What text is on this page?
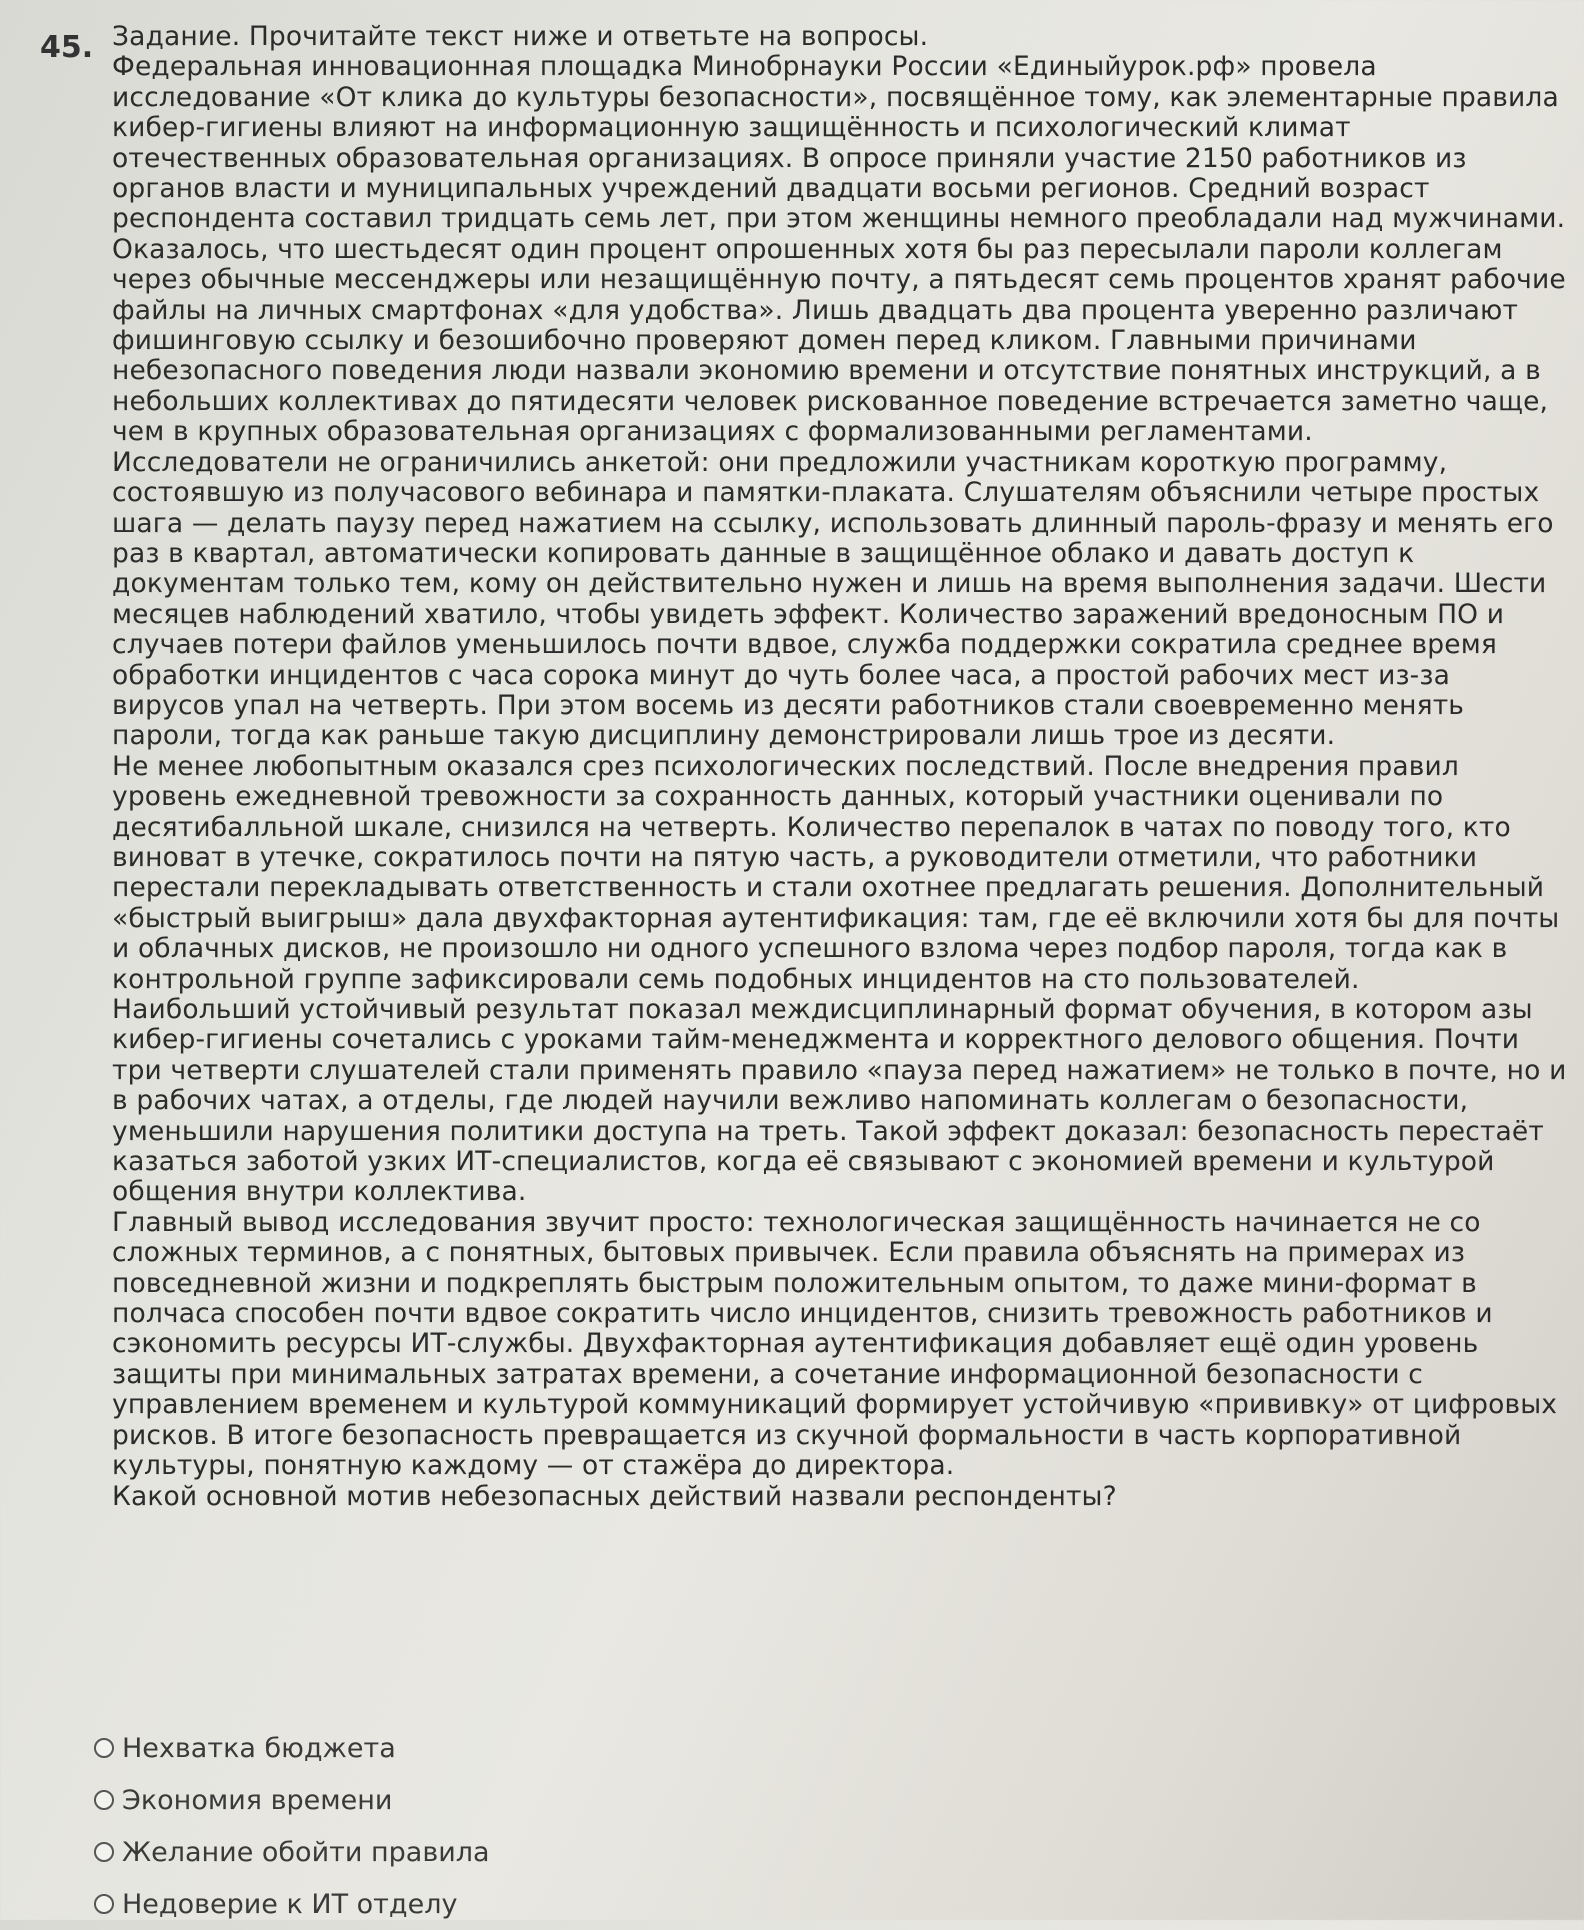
45. Задание. Прочитайте текст ниже и ответьте на вопросы.

Федеральная инновационная площадка Минобрнауки России «Единыйурок.рф» провела исследование «От клика до культуры безопасности», посвящённое тому, как элементарные правила кибер-гигиены влияют на информационную защищённость и психологический климат отечественных образовательная организациях. В опросе приняли участие 2150 работников из органов власти и муниципальных учреждений двадцати восьми регионов. Средний возраст респондента составил тридцать семь лет, при этом женщины немного преобладали над мужчинами. Оказалось, что шестьдесят один процент опрошенных хотя бы раз пересылали пароли коллегам через обычные мессенджеры или незащищённую почту, а пятьдесят семь процентов хранят рабочие файлы на личных смартфонах «для удобства». Лишь двадцать два процента уверенно различают фишинговую ссылку и безошибочно проверяют домен перед кликом. Главными причинами небезопасного поведения люди назвали экономию времени и отсутствие понятных инструкций, а в небольших коллективах до пятидесяти человек рискованное поведение встречается заметно чаще, чем в крупных образовательная организациях с формализованными регламентами.

Исследователи не ограничились анкетой: они предложили участникам короткую программу, состоявшую из получасового вебинара и памятки-плаката. Слушателям объяснили четыре простых шага — делать паузу перед нажатием на ссылку, использовать длинный пароль-фразу и менять его раз в квартал, автоматически копировать данные в защищённое облако и давать доступ к документам только тем, кому он действительно нужен и лишь на время выполнения задачи. Шести месяцев наблюдений хватило, чтобы увидеть эффект. Количество заражений вредоносным ПО и случаев потери файлов уменьшилось почти вдвое, служба поддержки сократила среднее время обработки инцидентов с часа сорока минут до чуть более часа, а простой рабочих мест из-за вирусов упал на четверть. При этом восемь из десяти работников стали своевременно менять пароли, тогда как раньше такую дисциплину демонстрировали лишь трое из десяти.

Не менее любопытным оказался срез психологических последствий. После внедрения правил уровень ежедневной тревожности за сохранность данных, который участники оценивали по десятибалльной шкале, снизился на четверть. Количество перепалок в чатах по поводу того, кто виноват в утечке, сократилось почти на пятую часть, а руководители отметили, что работники перестали перекладывать ответственность и стали охотнее предлагать решения. Дополнительный «быстрый выигрыш» дала двухфакторная аутентификация: там, где её включили хотя бы для почты и облачных дисков, не произошло ни одного успешного взлома через подбор пароля, тогда как в контрольной группе зафиксировали семь подобных инцидентов на сто пользователей.

Наибольший устойчивый результат показал междисциплинарный формат обучения, в котором азы кибер-гигиены сочетались с уроками тайм-менеджмента и корректного делового общения. Почти три четверти слушателей стали применять правило «пауза перед нажатием» не только в почте, но и в рабочих чатах, а отделы, где людей научили вежливо напоминать коллегам о безопасности, уменьшили нарушения политики доступа на треть. Такой эффект доказал: безопасность перестаёт казаться заботой узких ИТ-специалистов, когда её связывают с экономией времени и культурой общения внутри коллектива.

Главный вывод исследования звучит просто: технологическая защищённость начинается не со сложных терминов, а с понятных, бытовых привычек. Если правила объяснять на примерах из повседневной жизни и подкреплять быстрым положительным опытом, то даже мини-формат в полчаса способен почти вдвое сократить число инцидентов, снизить тревожность работников и сэкономить ресурсы ИТ-службы. Двухфакторная аутентификация добавляет ещё один уровень защиты при минимальных затратах времени, а сочетание информационной безопасности с управлением временем и культурой коммуникаций формирует устойчивую «прививку» от цифровых рисков. В итоге безопасность превращается из скучной формальности в часть корпоративной культуры, понятную каждому — от стажёра до директора.

Какой основной мотив небезопасных действий назвали респонденты?

Нехватка бюджета
Экономия времени
Желание обойти правила
Недоверие к ИТ отделу
